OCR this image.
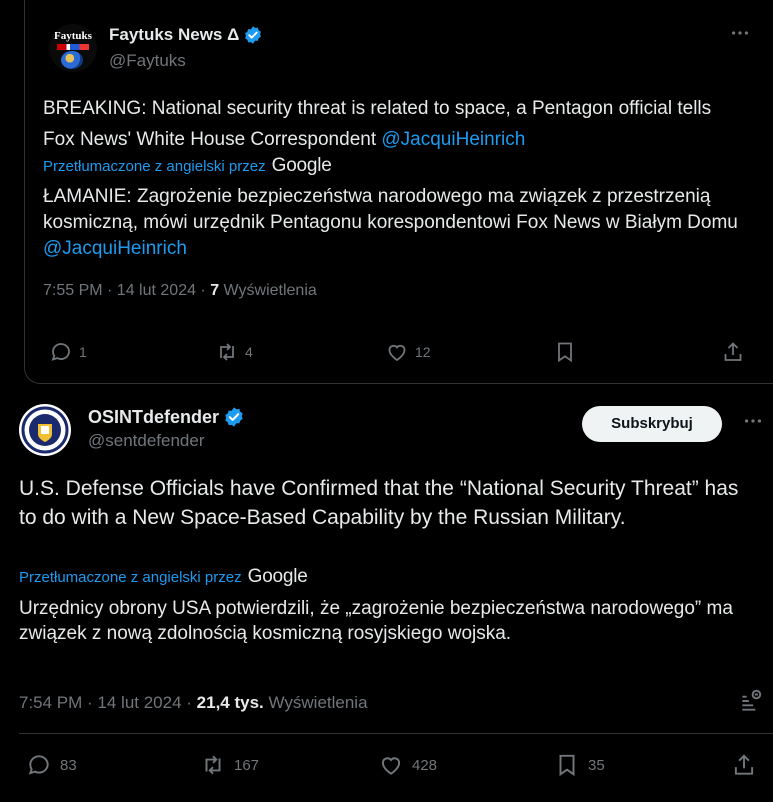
Faytuks Faytuks News Δ
@Faytuks
BREAKING: National security threat is related to space, a Pentagon official tells Fox News' White House Correspondent @JacquiHeinrich
Przetłumaczone z angielski przez Google
ŁAMANIE: Zagrożenie bezpieczeństwa narodowego ma związek z przestrzenią kosmiczną, mówi urzędnik Pentagonu korespondentowi Fox News w Białym Domu @JacquiHeinrich
7:55 PM · 14 lut 2024 · 7 Wyświetlenia
1	4	12
OSINTdefender
@sentdefender
Subskrybuj
U.S. Defense Officials have Confirmed that the “National Security Threat” has to do with a New Space-Based Capability by the Russian Military.
Przetłumaczone z angielski przez Google
Urzędnicy obrony USA potwierdzili, że „zagrożenie bezpieczeństwa narodowego” ma związek z nową zdolnością kosmiczną rosyjskiego wojska.
7:54 PM · 14 lut 2024 · 21,4 tys. Wyświetlenia
83	167	428	35
